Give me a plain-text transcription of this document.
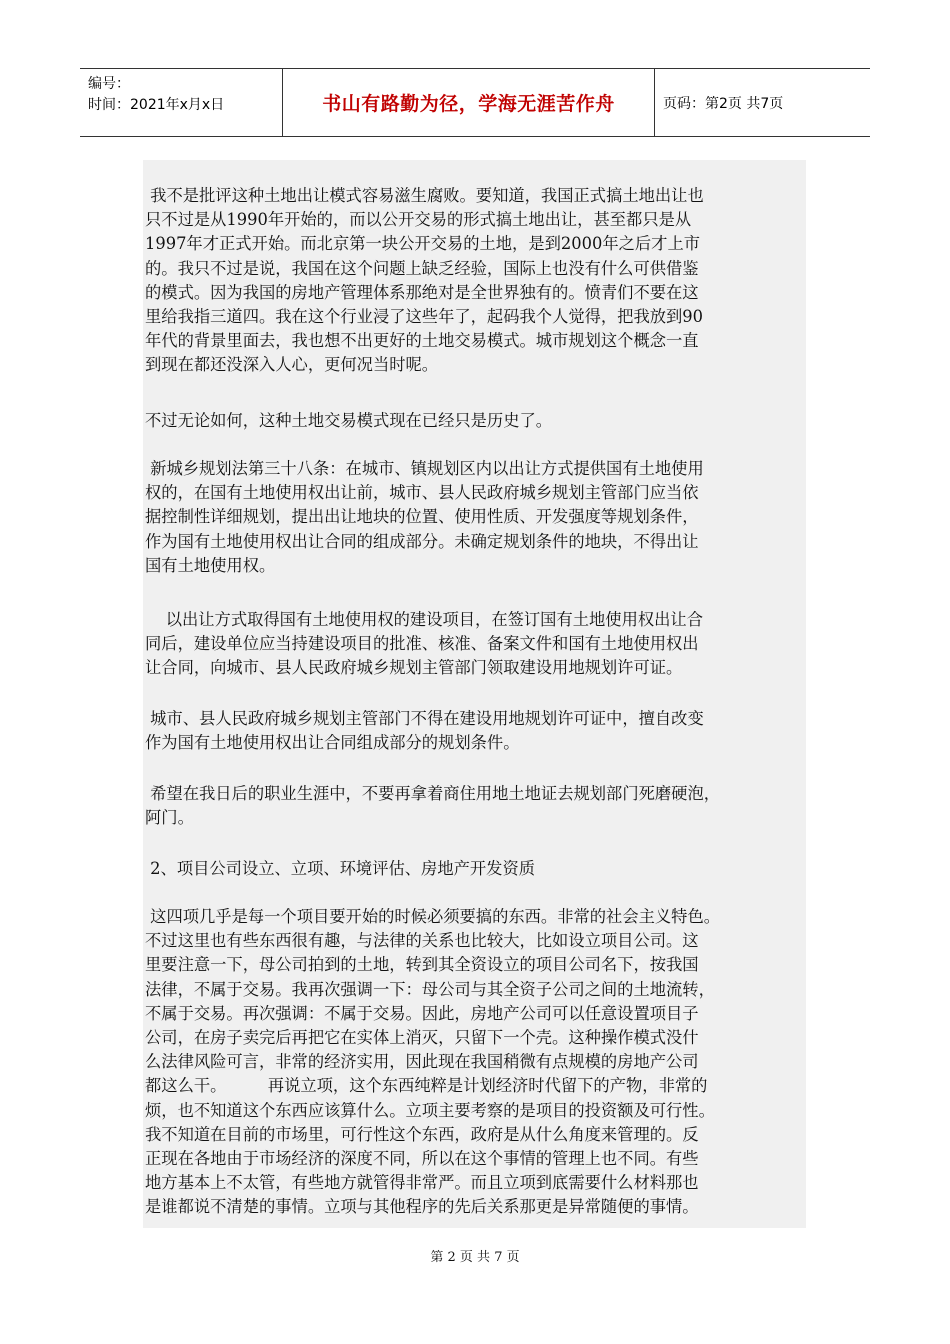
编号：
时间：2021年x月x日	书山有路勤为径，学海无涯苦作舟	页码：第2页 共7页

我不是批评这种土地出让模式容易滋生腐败。要知道，我国正式搞土地出让也
只不过是从1990年开始的，而以公开交易的形式搞土地出让，甚至都只是从
1997年才正式开始。而北京第一块公开交易的土地，是到2000年之后才上市
的。我只不过是说，我国在这个问题上缺乏经验，国际上也没有什么可供借鉴
的模式。因为我国的房地产管理体系那绝对是全世界独有的。愤青们不要在这
里给我指三道四。我在这个行业浸了这些年了，起码我个人觉得，把我放到90
年代的背景里面去，我也想不出更好的土地交易模式。城市规划这个概念一直
到现在都还没深入人心，更何况当时呢。

不过无论如何，这种土地交易模式现在已经只是历史了。

新城乡规划法第三十八条：在城市、镇规划区内以出让方式提供国有土地使用
权的，在国有土地使用权出让前，城市、县人民政府城乡规划主管部门应当依
据控制性详细规划，提出出让地块的位置、使用性质、开发强度等规划条件，
作为国有土地使用权出让合同的组成部分。未确定规划条件的地块，不得出让
国有土地使用权。

以出让方式取得国有土地使用权的建设项目，在签订国有土地使用权出让合
同后，建设单位应当持建设项目的批准、核准、备案文件和国有土地使用权出
让合同，向城市、县人民政府城乡规划主管部门领取建设用地规划许可证。

城市、县人民政府城乡规划主管部门不得在建设用地规划许可证中，擅自改变
作为国有土地使用权出让合同组成部分的规划条件。

希望在我日后的职业生涯中，不要再拿着商住用地土地证去规划部门死磨硬泡，
阿门。

2、项目公司设立、立项、环境评估、房地产开发资质

这四项几乎是每一个项目要开始的时候必须要搞的东西。非常的社会主义特色。
不过这里也有些东西很有趣，与法律的关系也比较大，比如设立项目公司。这
里要注意一下，母公司拍到的土地，转到其全资设立的项目公司名下，按我国
法律，不属于交易。我再次强调一下：母公司与其全资子公司之间的土地流转，
不属于交易。再次强调：不属于交易。因此，房地产公司可以任意设置项目子
公司，在房子卖完后再把它在实体上消灭，只留下一个壳。这种操作模式没什
么法律风险可言，非常的经济实用，因此现在我国稍微有点规模的房地产公司
都这么干。        再说立项，这个东西纯粹是计划经济时代留下的产物，非常的
烦，也不知道这个东西应该算什么。立项主要考察的是项目的投资额及可行性。
我不知道在目前的市场里，可行性这个东西，政府是从什么角度来管理的。反
正现在各地由于市场经济的深度不同，所以在这个事情的管理上也不同。有些
地方基本上不太管，有些地方就管得非常严。而且立项到底需要什么材料那也
是谁都说不清楚的事情。立项与其他程序的先后关系那更是异常随便的事情。

第 2 页 共 7 页
